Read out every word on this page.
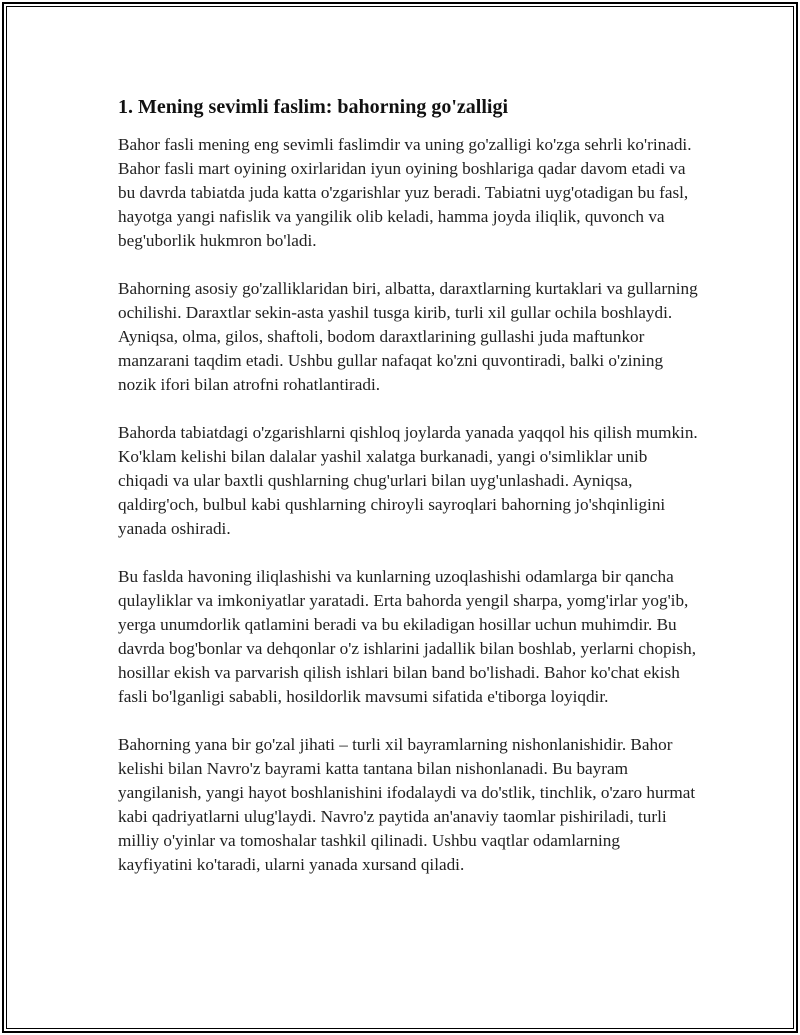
1. Mening sevimli faslim: bahorning go'zalligi

Bahor fasli mening eng sevimli faslimdir va uning go'zalligi ko'zga sehrli ko'rinadi. Bahor fasli mart oyining oxirlaridan iyun oyining boshlariga qadar davom etadi va bu davrda tabiatda juda katta o'zgarishlar yuz beradi. Tabiatni uyg'otadigan bu fasl, hayotga yangi nafislik va yangilik olib keladi, hamma joyda iliqlik, quvonch va beg'uborlik hukmron bo'ladi.

Bahorning asosiy go'zalliklaridan biri, albatta, daraxtlarning kurtaklari va gullarning ochilishi. Daraxtlar sekin-asta yashil tusga kirib, turli xil gullar ochila boshlaydi. Ayniqsa, olma, gilos, shaftoli, bodom daraxtlarining gullashi juda maftunkor manzarani taqdim etadi. Ushbu gullar nafaqat ko'zni quvontiradi, balki o'zining nozik ifori bilan atrofni rohatlantiradi.

Bahorda tabiatdagi o'zgarishlarni qishloq joylarda yanada yaqqol his qilish mumkin. Ko'klam kelishi bilan dalalar yashil xalatga burkanadi, yangi o'simliklar unib chiqadi va ular baxtli qushlarning chug'urlari bilan uyg'unlashadi. Ayniqsa, qaldirg'och, bulbul kabi qushlarning chiroyli sayroqlari bahorning jo'shqinligini yanada oshiradi.

Bu faslda havoning iliqlashishi va kunlarning uzoqlashishi odamlarga bir qancha qulayliklar va imkoniyatlar yaratadi. Erta bahorda yengil sharpa, yomg'irlar yog'ib, yerga unumdorlik qatlamini beradi va bu ekiladigan hosillar uchun muhimdir. Bu davrda bog'bonlar va dehqonlar o'z ishlarini jadallik bilan boshlab, yerlarni chopish, hosillar ekish va parvarish qilish ishlari bilan band bo'lishadi. Bahor ko'chat ekish fasli bo'lganligi sababli, hosildorlik mavsumi sifatida e'tiborga loyiqdir.

Bahorning yana bir go'zal jihati – turli xil bayramlarning nishonlanishidir. Bahor kelishi bilan Navro'z bayrami katta tantana bilan nishonlanadi. Bu bayram yangilanish, yangi hayot boshlanishini ifodalaydi va do'stlik, tinchlik, o'zaro hurmat kabi qadriyatlarni ulug'laydi. Navro'z paytida an'anaviy taomlar pishiriladi, turli milliy o'yinlar va tomoshalar tashkil qilinadi. Ushbu vaqtlar odamlarning kayfiyatini ko'taradi, ularni yanada xursand qiladi.
